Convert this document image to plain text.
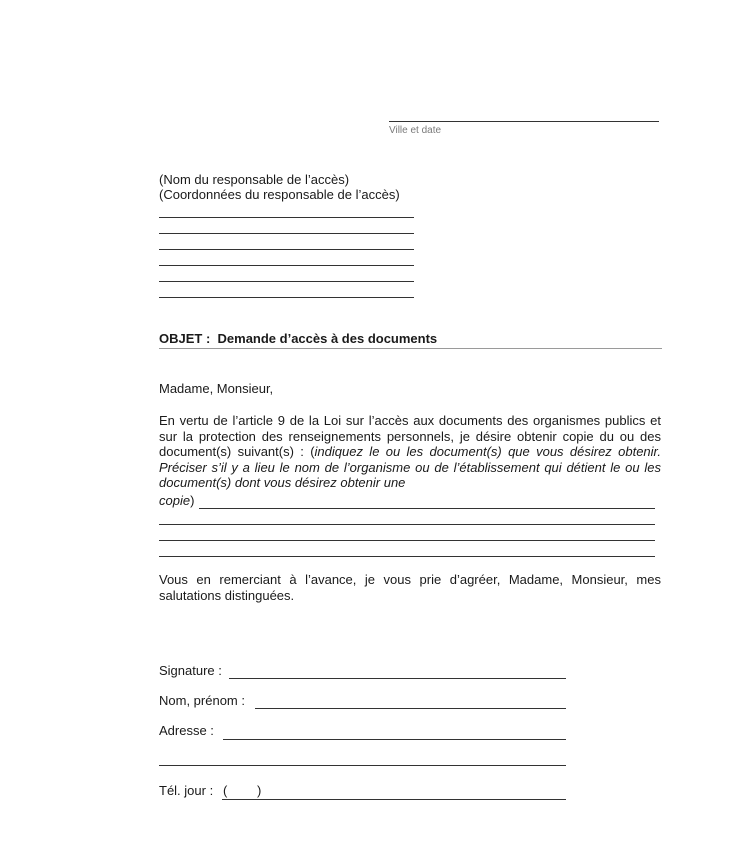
Ville et date
(Nom du responsable de l’accès)
(Coordonnées du responsable de l’accès)
OBJET :  Demande d’accès à des documents
Madame, Monsieur,
En vertu de l’article 9 de la Loi sur l’accès aux documents des organismes publics et sur la protection des renseignements personnels, je désire obtenir copie du ou des document(s) suivant(s) : (indiquez le ou les document(s) que vous désirez obtenir. Préciser s’il y a lieu le nom de l’organisme ou de l’établissement qui détient le ou les document(s) dont vous désirez obtenir une
copie)
Vous en remerciant à l’avance, je vous prie d’agréer, Madame, Monsieur, mes salutations distinguées.
Signature :
Nom, prénom :
Adresse :
Tél. jour : ( )
